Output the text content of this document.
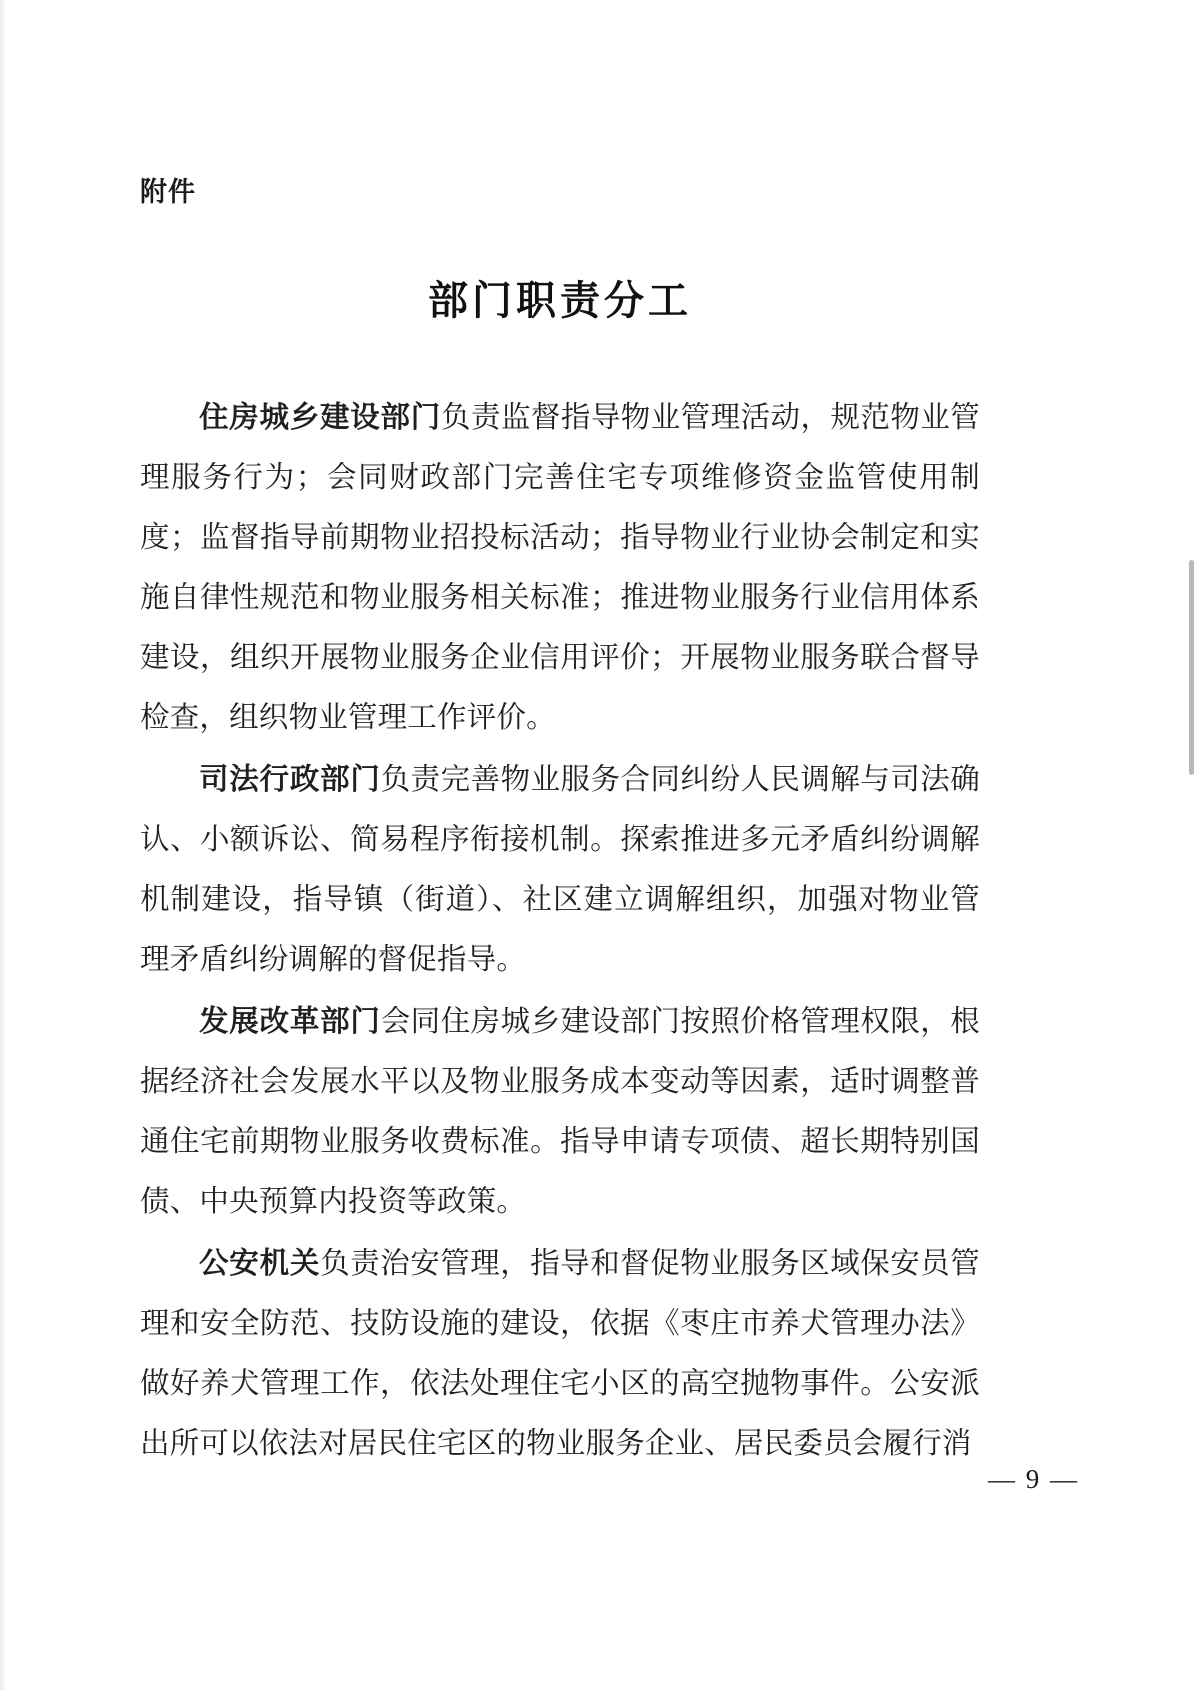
附件
部门职责分工

住房城乡建设部门负责监督指导物业管理活动，规范物业管理服务行为；会同财政部门完善住宅专项维修资金监管使用制度；监督指导前期物业招投标活动；指导物业行业协会制定和实施自律性规范和物业服务相关标准；推进物业服务行业信用体系建设，组织开展物业服务企业信用评价；开展物业服务联合督导检查，组织物业管理工作评价。

司法行政部门负责完善物业服务合同纠纷人民调解与司法确认、小额诉讼、简易程序衔接机制。探索推进多元矛盾纠纷调解机制建设，指导镇（街道）、社区建立调解组织，加强对物业管理矛盾纠纷调解的督促指导。

发展改革部门会同住房城乡建设部门按照价格管理权限，根据经济社会发展水平以及物业服务成本变动等因素，适时调整普通住宅前期物业服务收费标准。指导申请专项债、超长期特别国债、中央预算内投资等政策。

公安机关负责治安管理，指导和督促物业服务区域保安员管理和安全防范、技防设施的建设，依据《枣庄市养犬管理办法》做好养犬管理工作，依法处理住宅小区的高空抛物事件。公安派出所可以依法对居民住宅区的物业服务企业、居民委员会履行消

— 9 —
